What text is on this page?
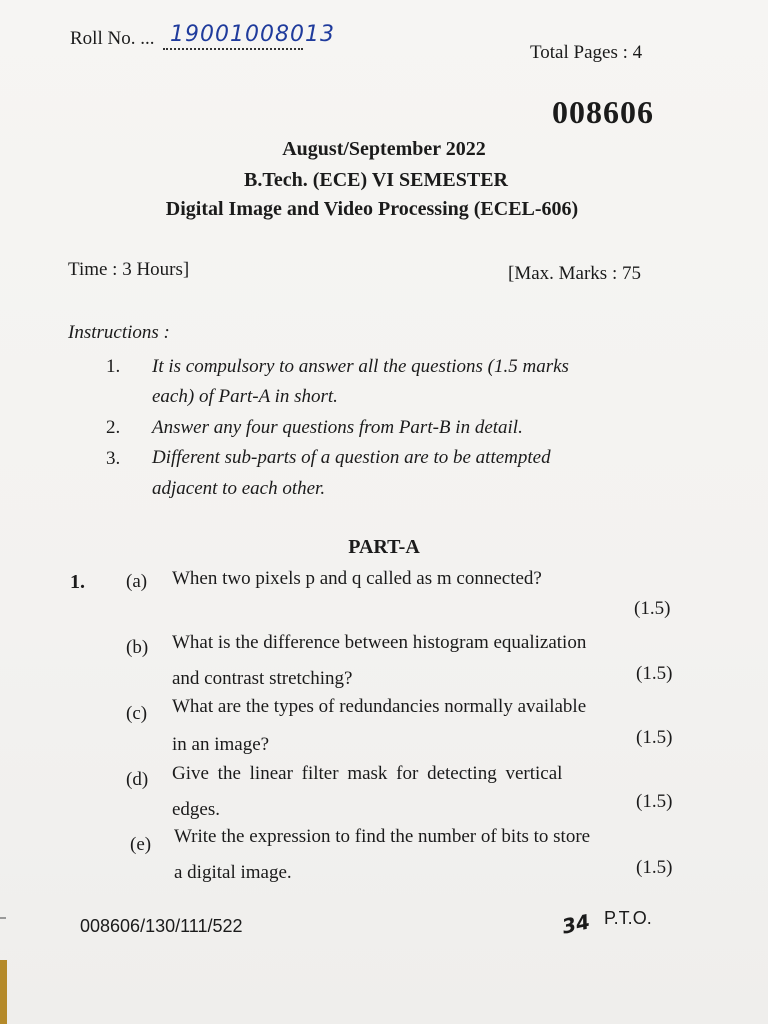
Roll No. ... 19001008013
Total Pages : 4
008606
August/September 2022
B.Tech. (ECE) VI SEMESTER
Digital Image and Video Processing (ECEL-606)
Time : 3 Hours]	[Max. Marks : 75
Instructions :
1. It is compulsory to answer all the questions (1.5 marks
each) of Part-A in short.
2. Answer any four questions from Part-B in detail.
3. Different sub-parts of a question are to be attempted
adjacent to each other.
PART-A
1. (a) When two pixels p and q called as m connected?
(1.5)
(b) What is the difference between histogram equalization
and contrast stretching?	(1.5)
(c) What are the types of redundancies normally available
in an image?	(1.5)
(d) Give the linear filter mask for detecting vertical
edges.	(1.5)
(e) Write the expression to find the number of bits to store
a digital image.	(1.5)
008606/130/111/522	34 P.T.O.
